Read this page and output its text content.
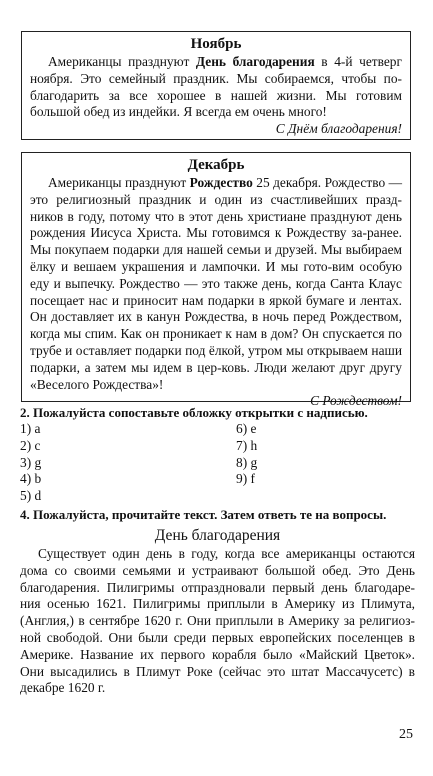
Ноябрь

Американцы празднуют День благодарения в 4-й четверг ноября. Это семейный праздник. Мы собираемся, чтобы по-благодарить за все хорошее в нашей жизни. Мы готовим большой обед из индейки. Я всегда ем очень много!

С Днём благодарения!
Декабрь

Американцы празднуют Рождество 25 декабря. Рождество — это религиозный праздник и один из счастливейших празд-ников в году, потому что в этот день христиане празднуют день рождения Иисуса Христа. Мы готовимся к Рождеству за-ранее. Мы покупаем подарки для нашей семьи и друзей. Мы выбираем ёлку и вешаем украшения и лампочки. И мы гото-вим особую еду и выпечку. Рождество — это также день, когда Санта Клаус посещает нас и приносит нам подарки в яркой бумаге и лентах. Он доставляет их в канун Рождества, в ночь перед Рождеством, когда мы спим. Как он проникает к нам в дом? Он спускается по трубе и оставляет подарки под ёлкой, утром мы открываем наши подарки, а затем мы идем в цер-ковь. Люди желают друг другу «Веселого Рождества»!

С Рождеством!
2. Пожалуйста сопоставьте обложку открытки с надписью.
1) a
2) c
3) g
4) b
5) d
6) e
7) h
8) g
9) f
4. Пожалуйста, прочитайте текст. Затем ответь те на вопросы.
День благодарения

Существует один день в году, когда все американцы остаются дома со своими семьями и устраивают большой обед. Это День благодарения. Пилигримы отпраздновали первый день благодаре-ния осенью 1621. Пилигримы приплыли в Америку из Плимута, (Англия,) в сентябре 1620 г. Они приплыли в Америку за религиоз-ной свободой. Они были среди первых европейских поселенцев в Америке. Название их первого корабля было «Майский Цветок». Они высадились в Плимут Роке (сейчас это штат Массачусетс) в декабре 1620 г.

25
